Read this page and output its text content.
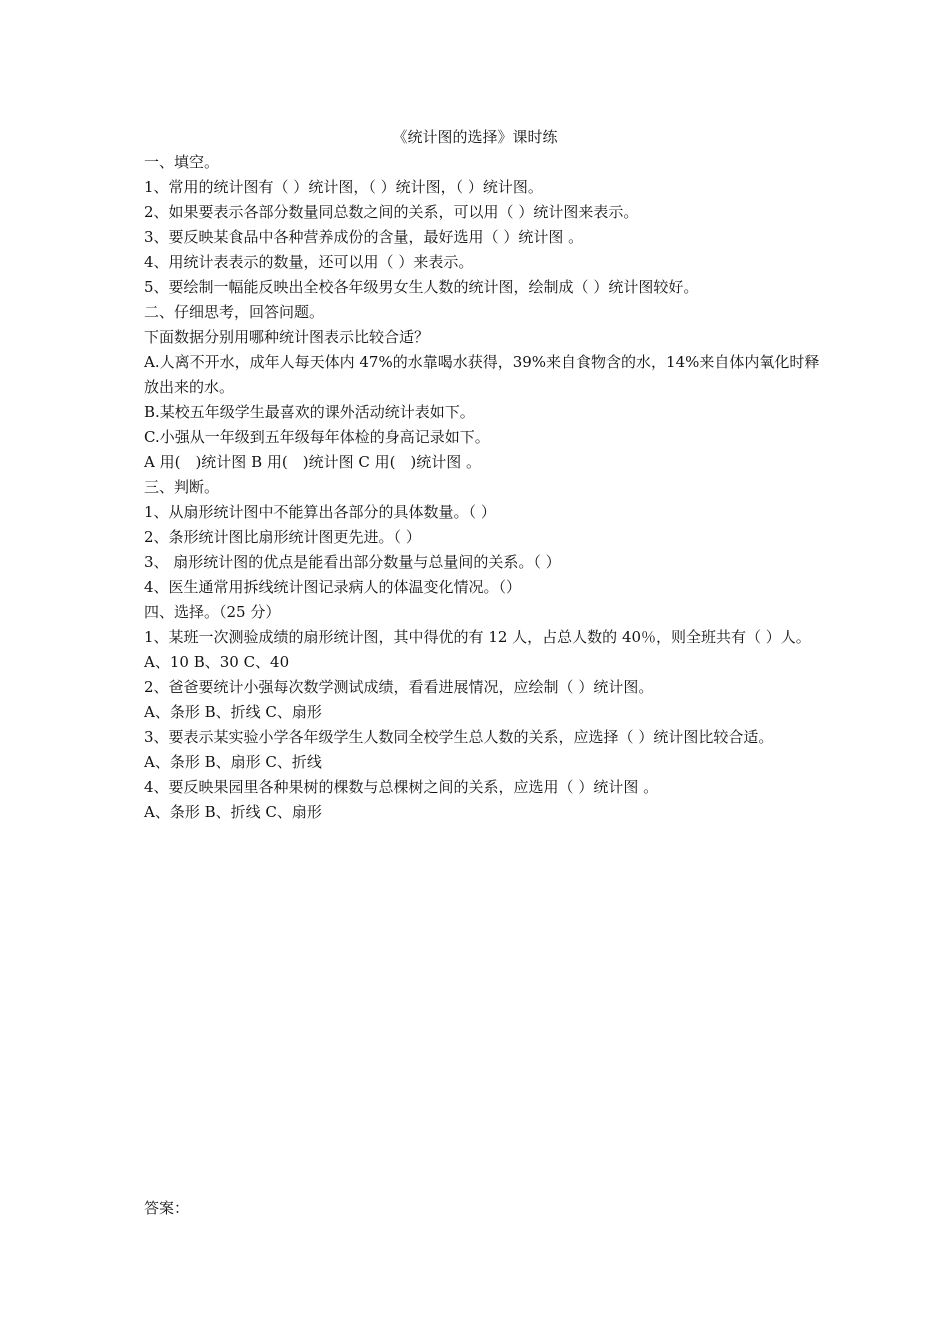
《统计图的选择》课时练
一、填空。
1、常用的统计图有（ ）统计图，（ ）统计图，（ ）统计图。
2、如果要表示各部分数量同总数之间的关系，可以用（ ）统计图来表示。
3、要反映某食品中各种营养成份的含量，最好选用（ ）统计图 。
4、用统计表表示的数量，还可以用（ ）来表示。
5、要绘制一幅能反映出全校各年级男女生人数的统计图，绘制成（ ）统计图较好。
二、仔细思考，回答问题。
下面数据分别用哪种统计图表示比较合适？
A.人离不开水，成年人每天体内 47%的水靠喝水获得，39%来自食物含的水，14%来自体内氧化时释放出来的水。
B.某校五年级学生最喜欢的课外活动统计表如下。
C.小强从一年级到五年级每年体检的身高记录如下。
A 用(　)统计图 B 用(　)统计图 C 用(　)统计图 。
三、判断。
1、从扇形统计图中不能算出各部分的具体数量。（ ）
2、条形统计图比扇形统计图更先进。（ ）
3、 扇形统计图的优点是能看出部分数量与总量间的关系。（ ）
4、医生通常用拆线统计图记录病人的体温变化情况。（）
四、选择。（25 分）
1、某班一次测验成绩的扇形统计图，其中得优的有 12 人，占总人数的 40％，则全班共有（ ）人。
A、10 B、30 C、40
2、爸爸要统计小强每次数学测试成绩，看看进展情况，应绘制（ ）统计图。
A、条形 B、折线 C、扇形
3、要表示某实验小学各年级学生人数同全校学生总人数的关系，应选择（ ）统计图比较合适。
A、条形 B、扇形 C、折线
4、要反映果园里各种果树的棵数与总棵树之间的关系，应选用（ ）统计图 。
A、条形 B、折线 C、扇形
答案：
